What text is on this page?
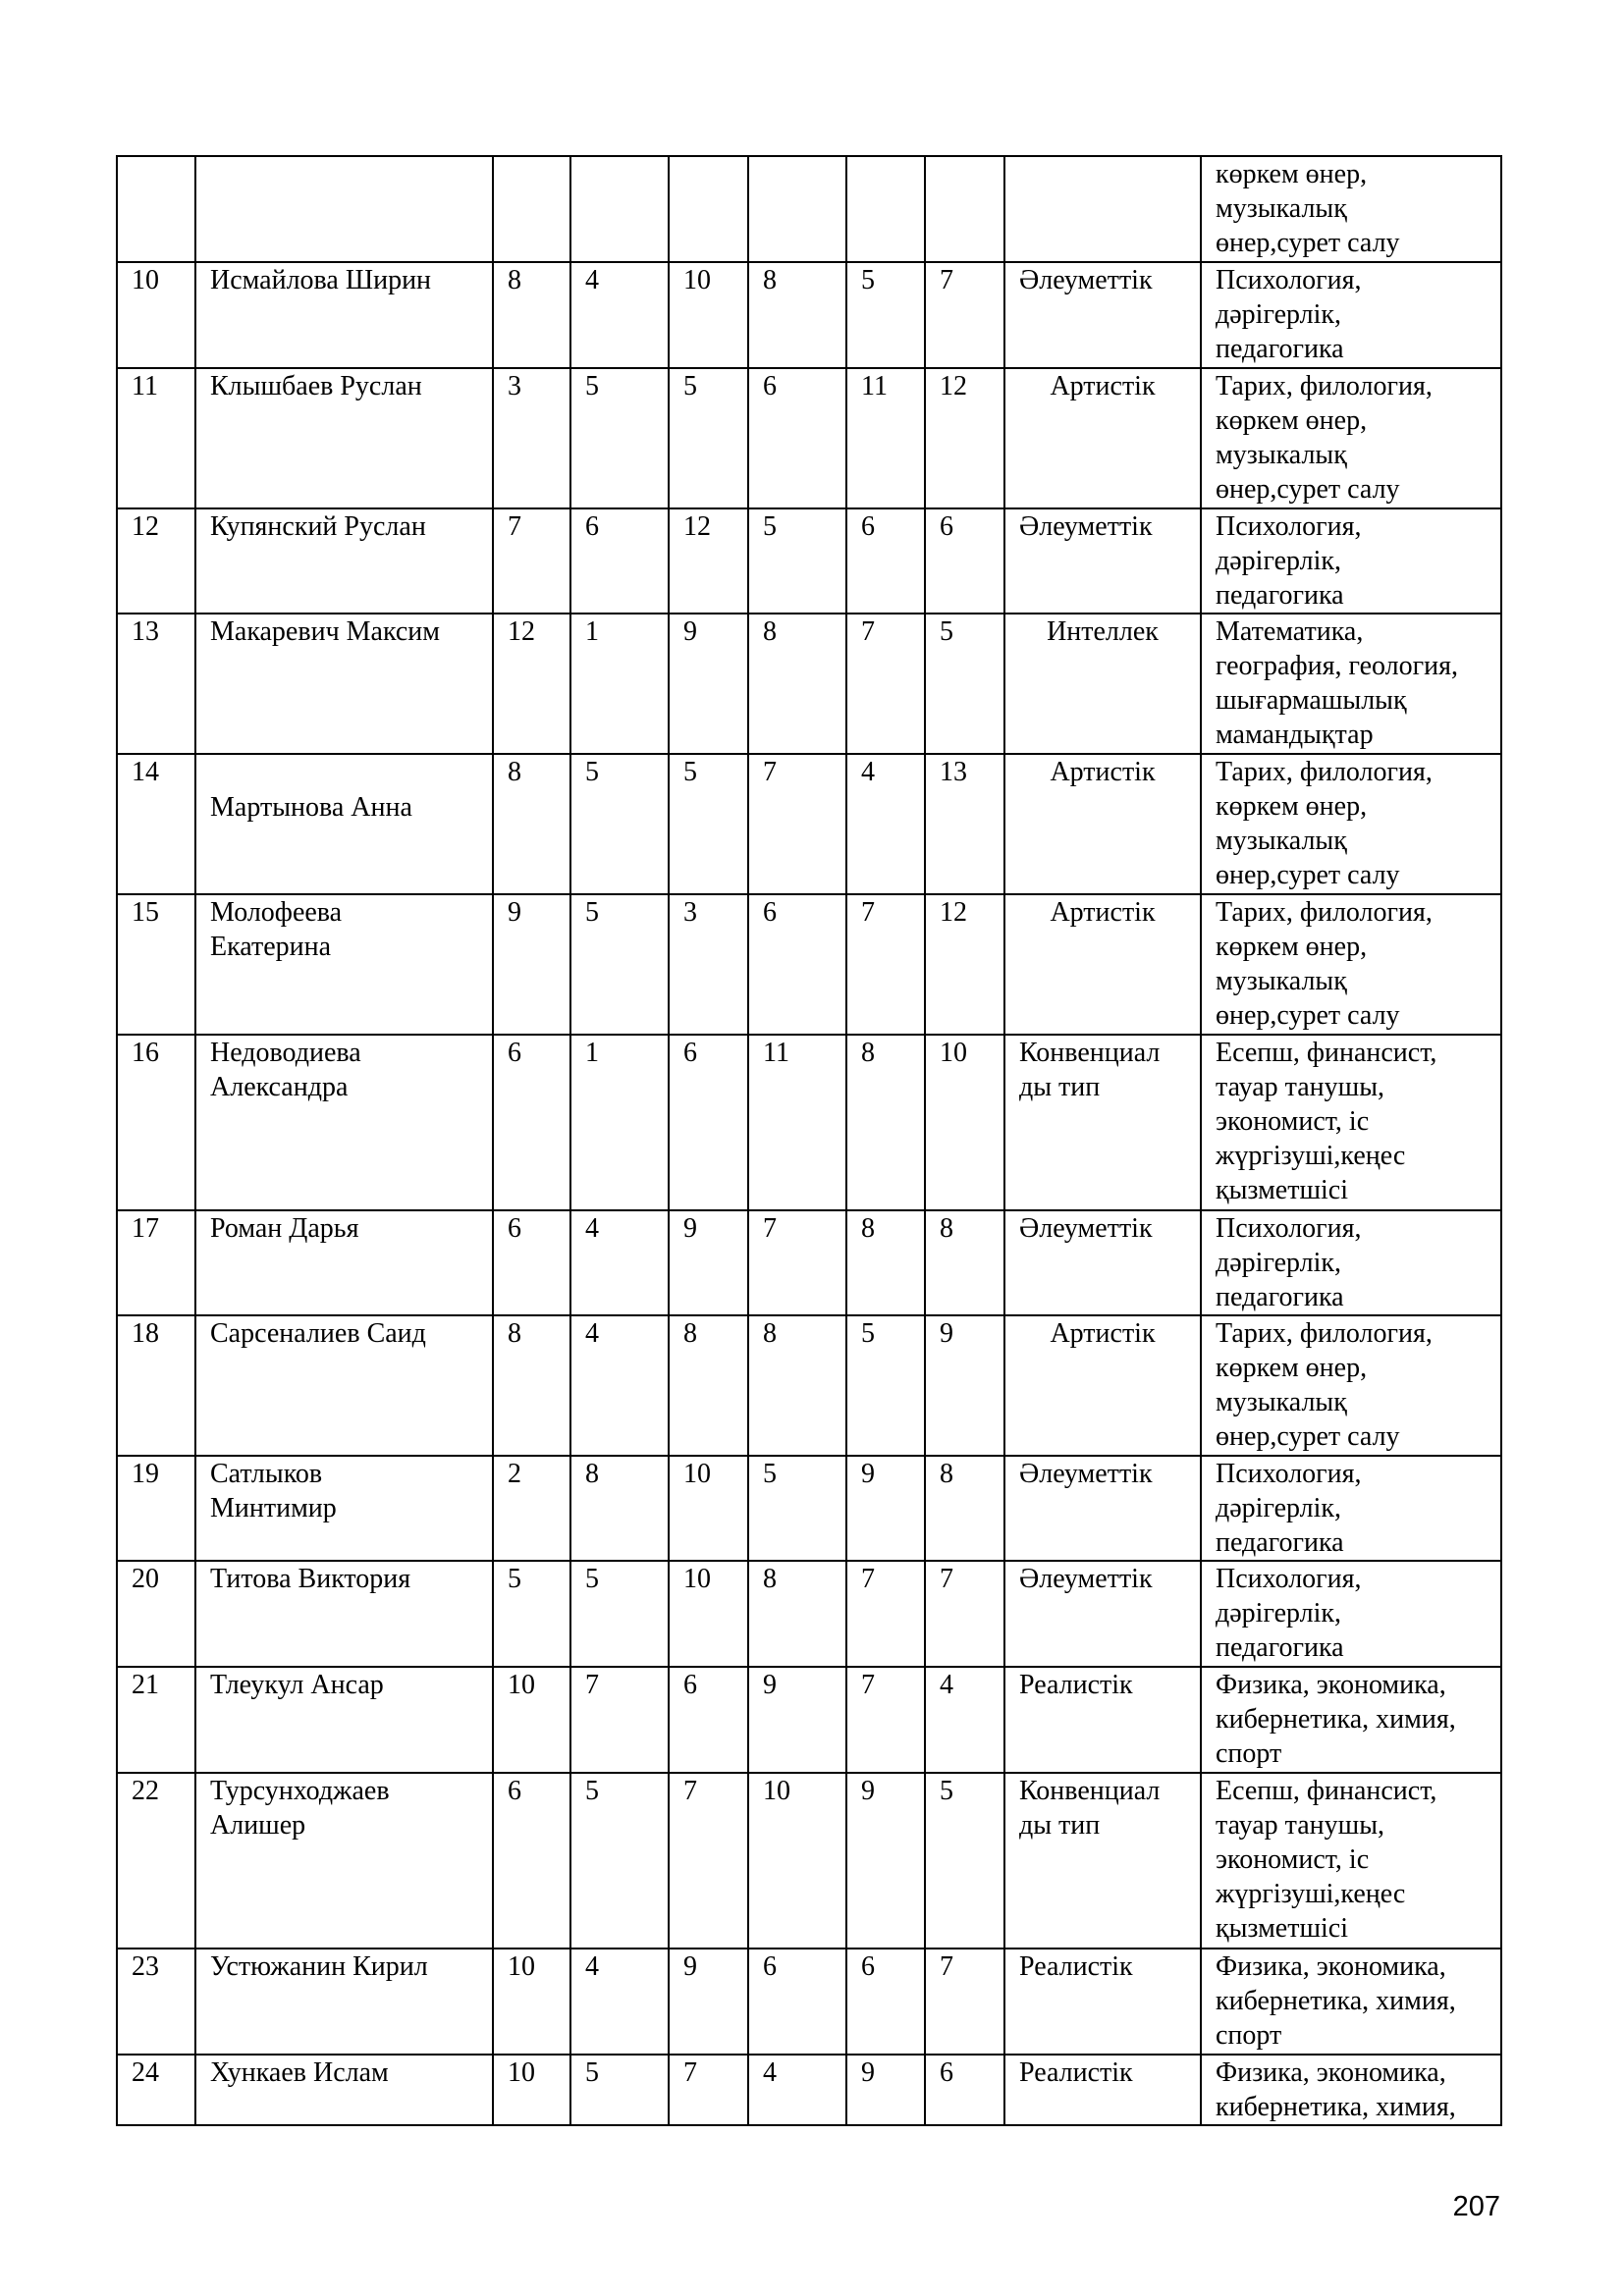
									көркем өнер,
музыкалық
өнер,сурет салу
10	Исмайлова Ширин	8	4	10	8	5	7	Әлеуметтік	Психология,
дәрігерлік,
педагогика
11	Клышбаев Руслан	3	5	5	6	11	12	Артистік	Тарих, филология,
көркем өнер,
музыкалық
өнер,сурет салу
12	Купянский Руслан	7	6	12	5	6	6	Әлеуметтік	Психология,
дәрігерлік,
педагогика
13	Макаревич Максим	12	1	9	8	7	5	Интеллек	Математика,
география, геология,
шығармашылық
мамандықтар
14	Мартынова Анна	8	5	5	7	4	13	Артистік	Тарих, филология,
көркем өнер,
музыкалық
өнер,сурет салу
15	Молофеева
Екатерина	9	5	3	6	7	12	Артистік	Тарих, филология,
көркем өнер,
музыкалық
өнер,сурет салу
16	Недоводиева
Александра	6	1	6	11	8	10	Конвенциал
ды тип	Есепш, финансист,
тауар танушы,
экономист, іс
жүргізуші,кеңес
қызметшісі
17	Роман Дарья	6	4	9	7	8	8	Әлеуметтік	Психология,
дәрігерлік,
педагогика
18	Сарсеналиев Саид	8	4	8	8	5	9	Артистік	Тарих, филология,
көркем өнер,
музыкалық
өнер,сурет салу
19	Сатлыков
Минтимир	2	8	10	5	9	8	Әлеуметтік	Психология,
дәрігерлік,
педагогика
20	Титова Виктория	5	5	10	8	7	7	Әлеуметтік	Психология,
дәрігерлік,
педагогика
21	Тлеукул Ансар	10	7	6	9	7	4	Реалистік	Физика, экономика,
кибернетика, химия,
спорт
22	Турсунходжаев
Алишер	6	5	7	10	9	5	Конвенциал
ды тип	Есепш, финансист,
тауар танушы,
экономист, іс
жүргізуші,кеңес
қызметшісі
23	Устюжанин Кирил	10	4	9	6	6	7	Реалистік	Физика, экономика,
кибернетика, химия,
спорт
24	Хункаев Ислам	10	5	7	4	9	6	Реалистік	Физика, экономика,
кибернетика, химия,
207
